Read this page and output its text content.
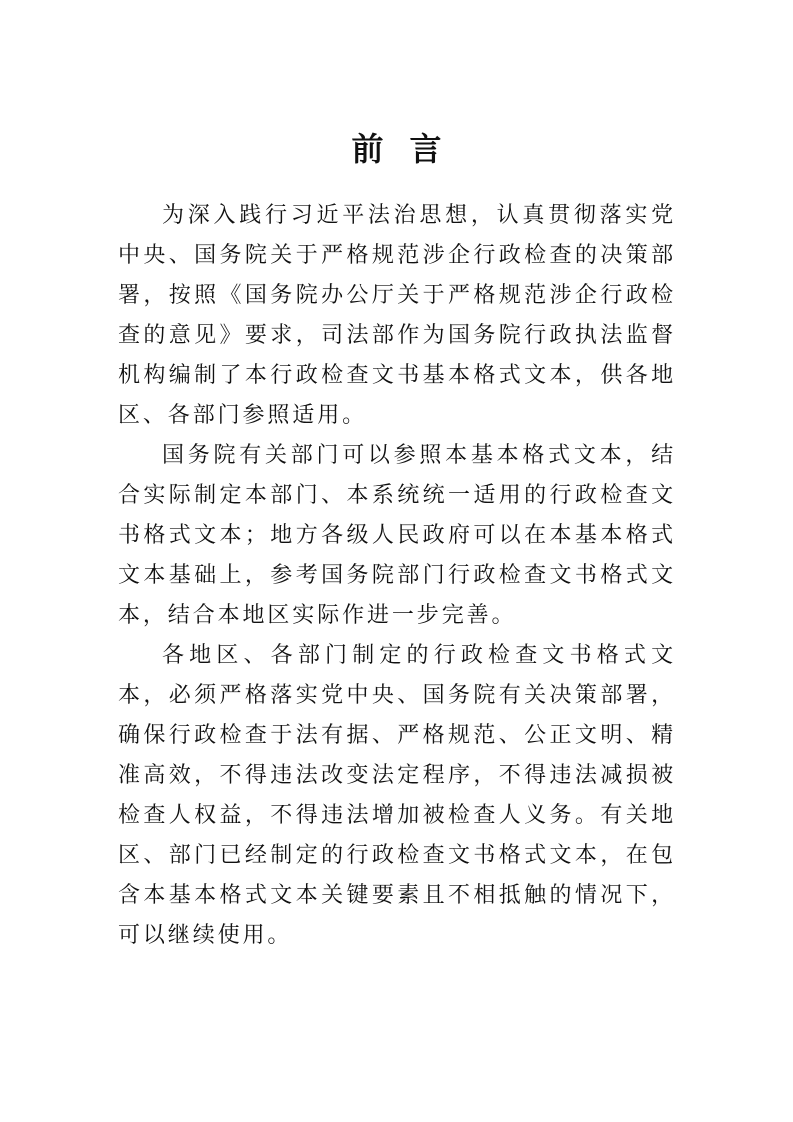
前言

为深入践行习近平法治思想，认真贯彻落实党中央、国务院关于严格规范涉企行政检查的决策部署，按照《国务院办公厅关于严格规范涉企行政检查的意见》要求，司法部作为国务院行政执法监督机构编制了本行政检查文书基本格式文本，供各地区、各部门参照适用。

国务院有关部门可以参照本基本格式文本，结合实际制定本部门、本系统统一适用的行政检查文书格式文本；地方各级人民政府可以在本基本格式文本基础上，参考国务院部门行政检查文书格式文本，结合本地区实际作进一步完善。

各地区、各部门制定的行政检查文书格式文本，必须严格落实党中央、国务院有关决策部署，确保行政检查于法有据、严格规范、公正文明、精准高效，不得违法改变法定程序，不得违法减损被检查人权益，不得违法增加被检查人义务。有关地区、部门已经制定的行政检查文书格式文本，在包含本基本格式文本关键要素且不相抵触的情况下，可以继续使用。
